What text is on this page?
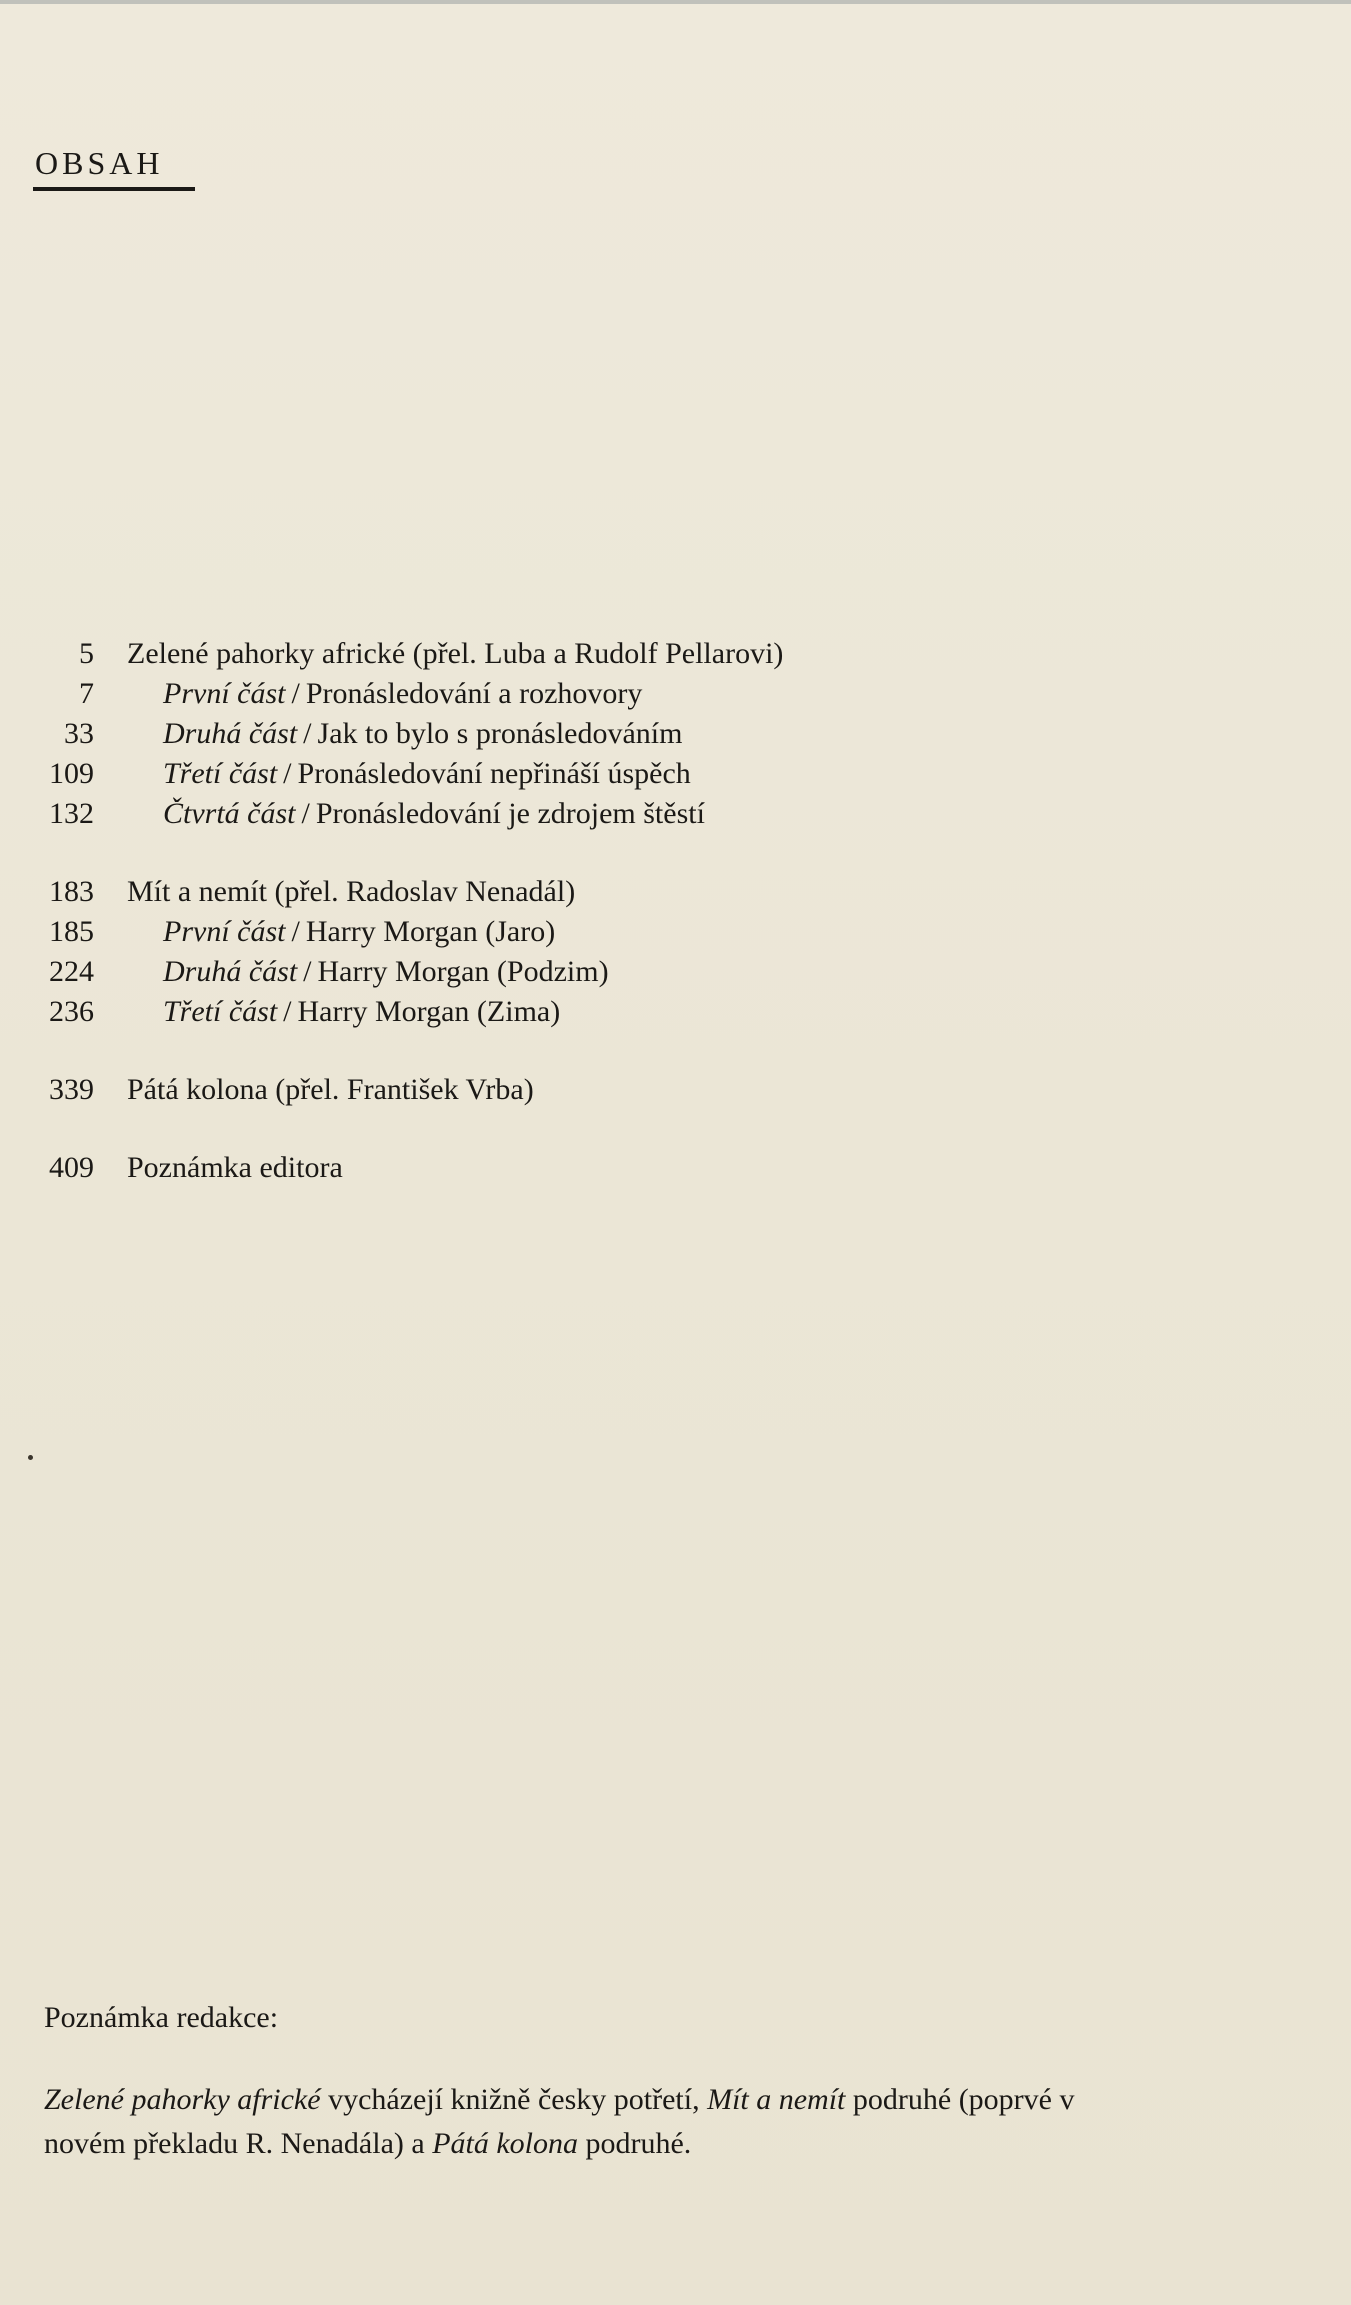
OBSAH
5 Zelené pahorky africké (přel. Luba a Rudolf Pellarovi)
7 První část / Pronásledování a rozhovory
33 Druhá část / Jak to bylo s pronásledováním
109 Třetí část / Pronásledování nepřináší úspěch
132 Čtvrtá část / Pronásledování je zdrojem štěstí
183 Mít a nemít (přel. Radoslav Nenadál)
185 První část / Harry Morgan (Jaro)
224 Druhá část / Harry Morgan (Podzim)
236 Třetí část / Harry Morgan (Zima)
339 Pátá kolona (přel. František Vrba)
409 Poznámka editora
Poznámka redakce:
Zelené pahorky africké vycházejí knižně česky potřetí, Mít a nemít podruhé (poprvé v novém překladu R. Nenadála) a Pátá kolona podruhé.
